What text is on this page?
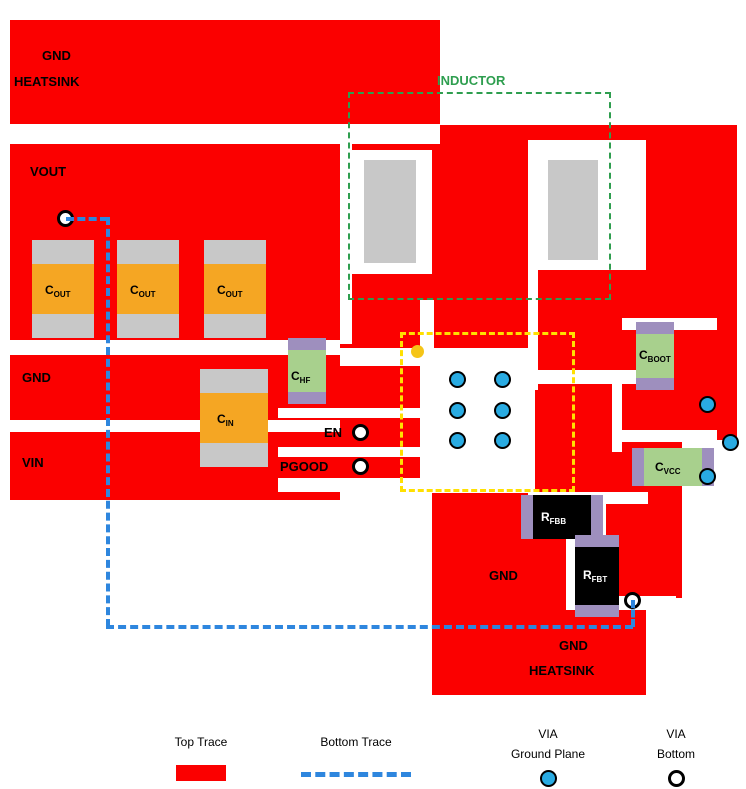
$C_{OUT}$	$C_{OUT}$	$C_{OUT}$
$C_{IN}$
$C_{HF}$
$C_{BOOT}$
$C_{VCC}$
$R_{FBB}$
$R_{FBT}$
INDUCTOR
GND
HEATSINK
VOUT
GND
VIN
EN
PGOOD
GND
GND
HEATSINK
Top Trace	Bottom Trace
VIA
Ground Plane
VIA
Bottom
